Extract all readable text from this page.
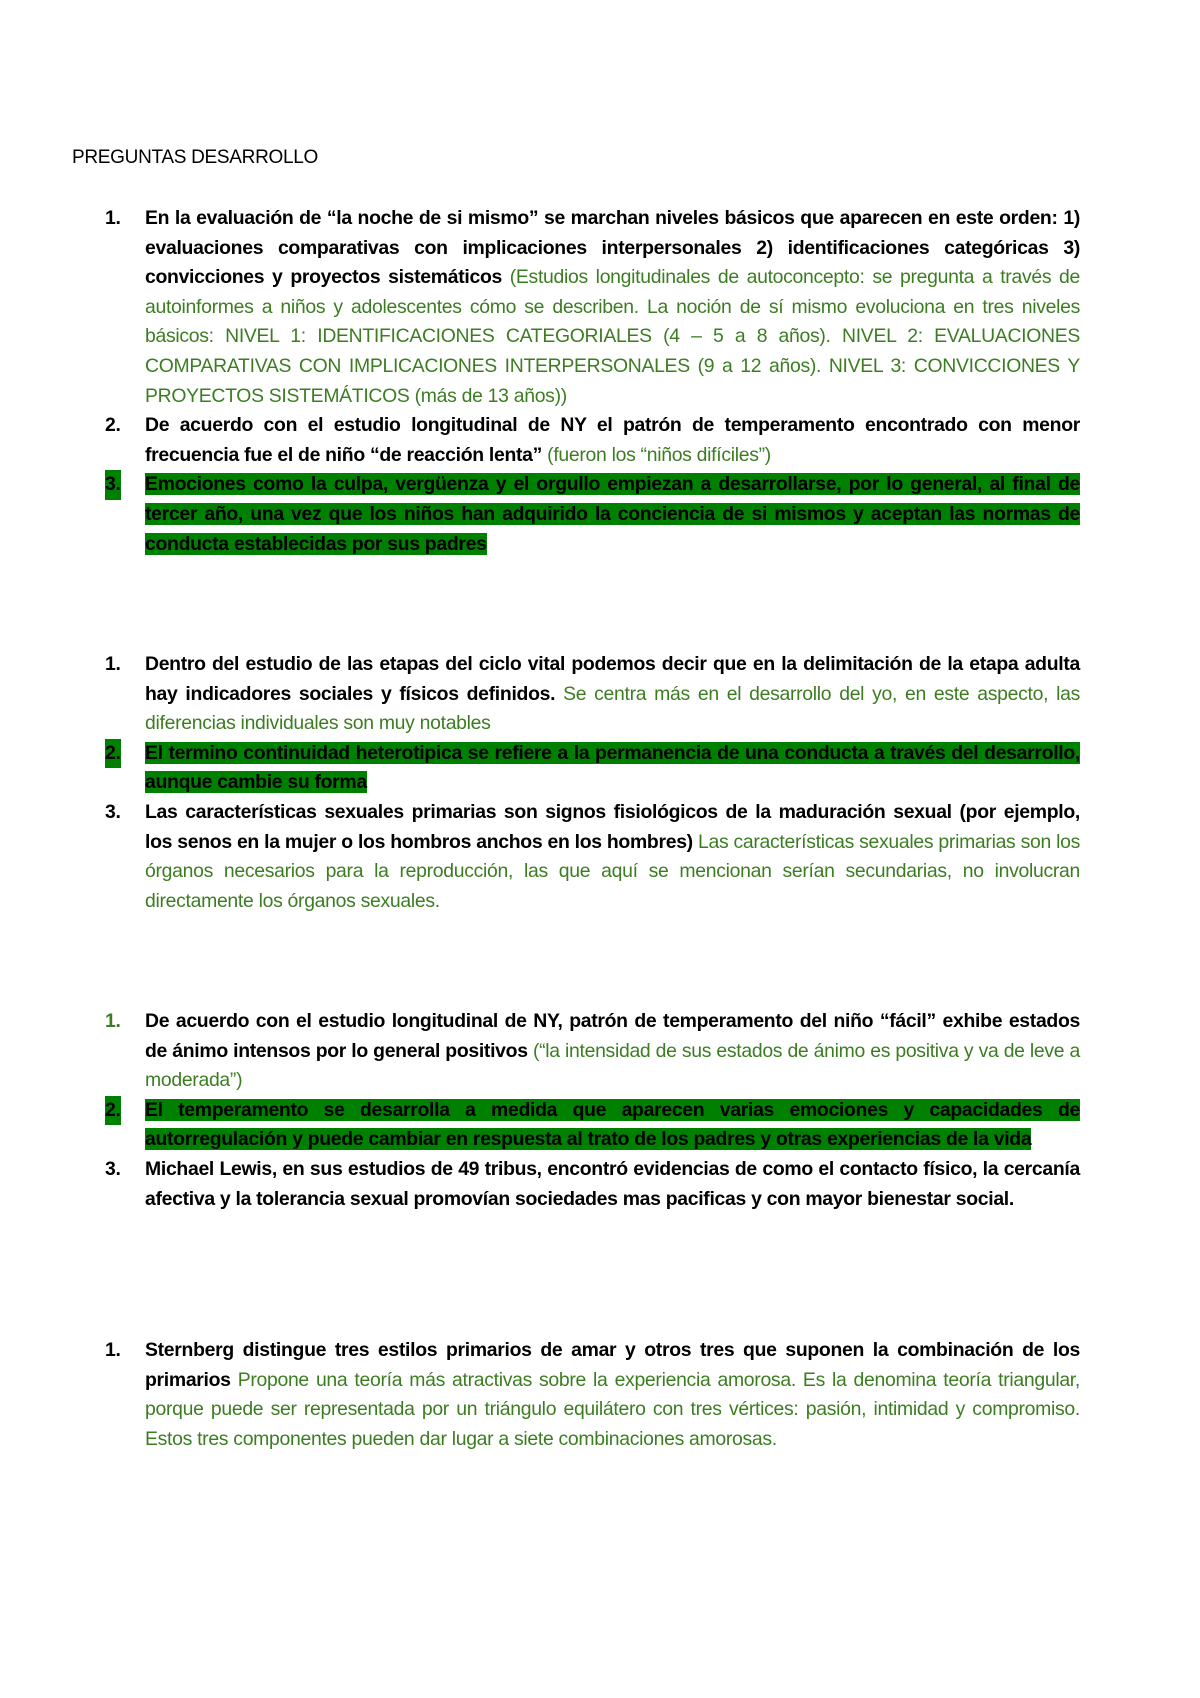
PREGUNTAS DESARROLLO
1. En la evaluación de “la noche de si mismo” se marchan niveles básicos que aparecen en este orden: 1) evaluaciones comparativas con implicaciones interpersonales 2) identificaciones categóricas 3) convicciones y proyectos sistemáticos (Estudios longitudinales de autoconcepto: se pregunta a través de autoinformes a niños y adolescentes cómo se describen. La noción de sí mismo evoluciona en tres niveles básicos: NIVEL 1: IDENTIFICACIONES CATEGORIALES (4 – 5 a 8 años). NIVEL 2: EVALUACIONES COMPARATIVAS CON IMPLICACIONES INTERPERSONALES (9 a 12 años). NIVEL 3: CONVICCIONES Y PROYECTOS SISTEMÁTICOS (más de 13 años))
2. De acuerdo con el estudio longitudinal de NY el patrón de temperamento encontrado con menor frecuencia fue el de niño “de reacción lenta” (fueron los “niños difíciles”)
3. Emociones como la culpa, vergüenza y el orgullo empiezan a desarrollarse, por lo general, al final de tercer año, una vez que los niños han adquirido la conciencia de si mismos y aceptan las normas de conducta establecidas por sus padres
1. Dentro del estudio de las etapas del ciclo vital podemos decir que en la delimitación de la etapa adulta hay indicadores sociales y físicos definidos. Se centra más en el desarrollo del yo, en este aspecto, las diferencias individuales son muy notables
2. El termino continuidad heterotipica se refiere a la permanencia de una conducta a través del desarrollo, aunque cambie su forma
3. Las características sexuales primarias son signos fisiológicos de la maduración sexual (por ejemplo, los senos en la mujer o los hombros anchos en los hombres) Las características sexuales primarias son los órganos necesarios para la reproducción, las que aquí se mencionan serían secundarias, no involucran directamente los órganos sexuales.
1. De acuerdo con el estudio longitudinal de NY, patrón de temperamento del niño “fácil” exhibe estados de ánimo intensos por lo general positivos (“la intensidad de sus estados de ánimo es positiva y va de leve a moderada”)
2. El temperamento se desarrolla a medida que aparecen varias emociones y capacidades de autorregulación y puede cambiar en respuesta al trato de los padres y otras experiencias de la vida
3. Michael Lewis, en sus estudios de 49 tribus, encontró evidencias de como el contacto físico, la cercanía afectiva y la tolerancia sexual promovían sociedades mas pacificas y con mayor bienestar social.
1. Sternberg distingue tres estilos primarios de amar y otros tres que suponen la combinación de los primarios Propone una teoría más atractivas sobre la experiencia amorosa. Es la denomina teoría triangular, porque puede ser representada por un triángulo equilátero con tres vértices: pasión, intimidad y compromiso. Estos tres componentes pueden dar lugar a siete combinaciones amorosas.
